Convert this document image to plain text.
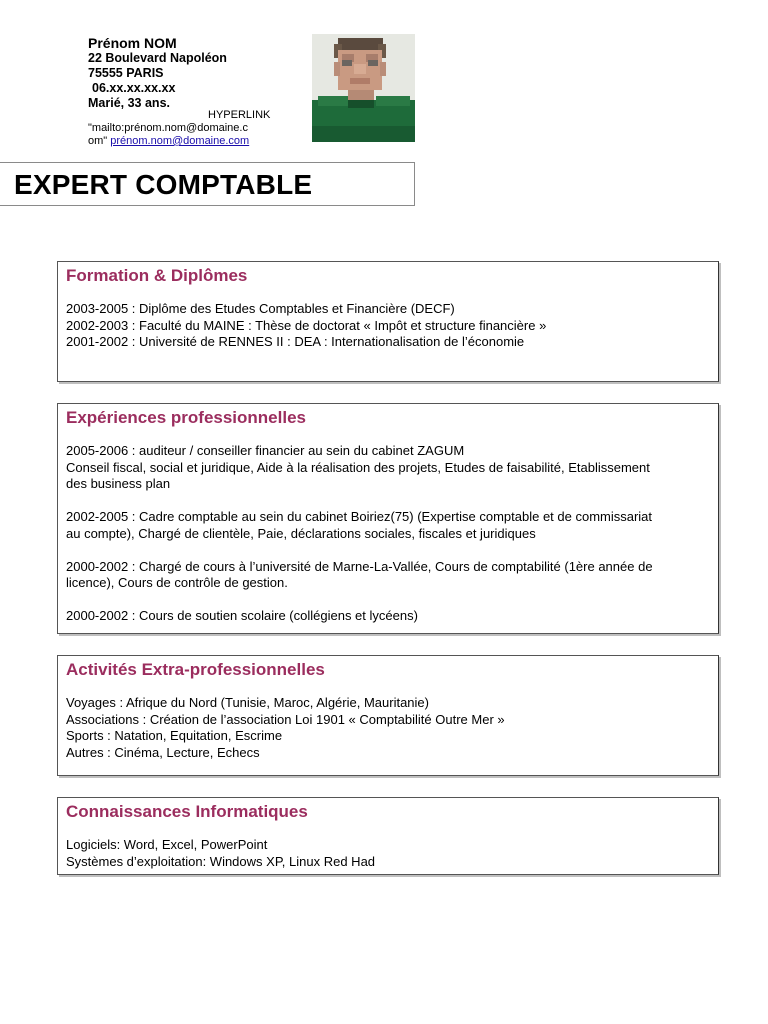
Prénom NOM
22 Boulevard Napoléon
75555 PARIS
06.xx.xx.xx.xx
Marié, 33 ans.
HYPERLINK
"mailto:prénom.nom@domaine.c
om" prénom.nom@domaine.com
EXPERT COMPTABLE
Formation & Diplômes

2003-2005 : Diplôme des Etudes Comptables et Financière (DECF)

2002-2003 : Faculté du MAINE : Thèse de doctorat « Impôt et structure financière »

2001-2002 : Université de RENNES II : DEA : Internationalisation de l’économie

Expériences professionnelles

2005-2006 : auditeur / conseiller financier au sein du cabinet ZAGUM

Conseil fiscal, social et juridique, Aide à la réalisation des projets, Etudes de faisabilité, Etablissement

des business plan

2002-2005 : Cadre comptable au sein du cabinet Boiriez(75) (Expertise comptable et de commissariat

au compte), Chargé de clientèle, Paie, déclarations sociales, fiscales et juridiques

2000-2002 : Chargé de cours à l’université de Marne-La-Vallée, Cours de comptabilité (1ère année de

licence), Cours de contrôle de gestion.

2000-2002 : Cours de soutien scolaire (collégiens et lycéens)

Activités Extra-professionnelles

Voyages : Afrique du Nord (Tunisie, Maroc, Algérie, Mauritanie)

Associations : Création de l’association Loi 1901 « Comptabilité Outre Mer »

Sports : Natation, Equitation, Escrime

Autres : Cinéma, Lecture, Echecs

Connaissances Informatiques

Logiciels: Word, Excel, PowerPoint

Systèmes d’exploitation: Windows XP, Linux Red Had
